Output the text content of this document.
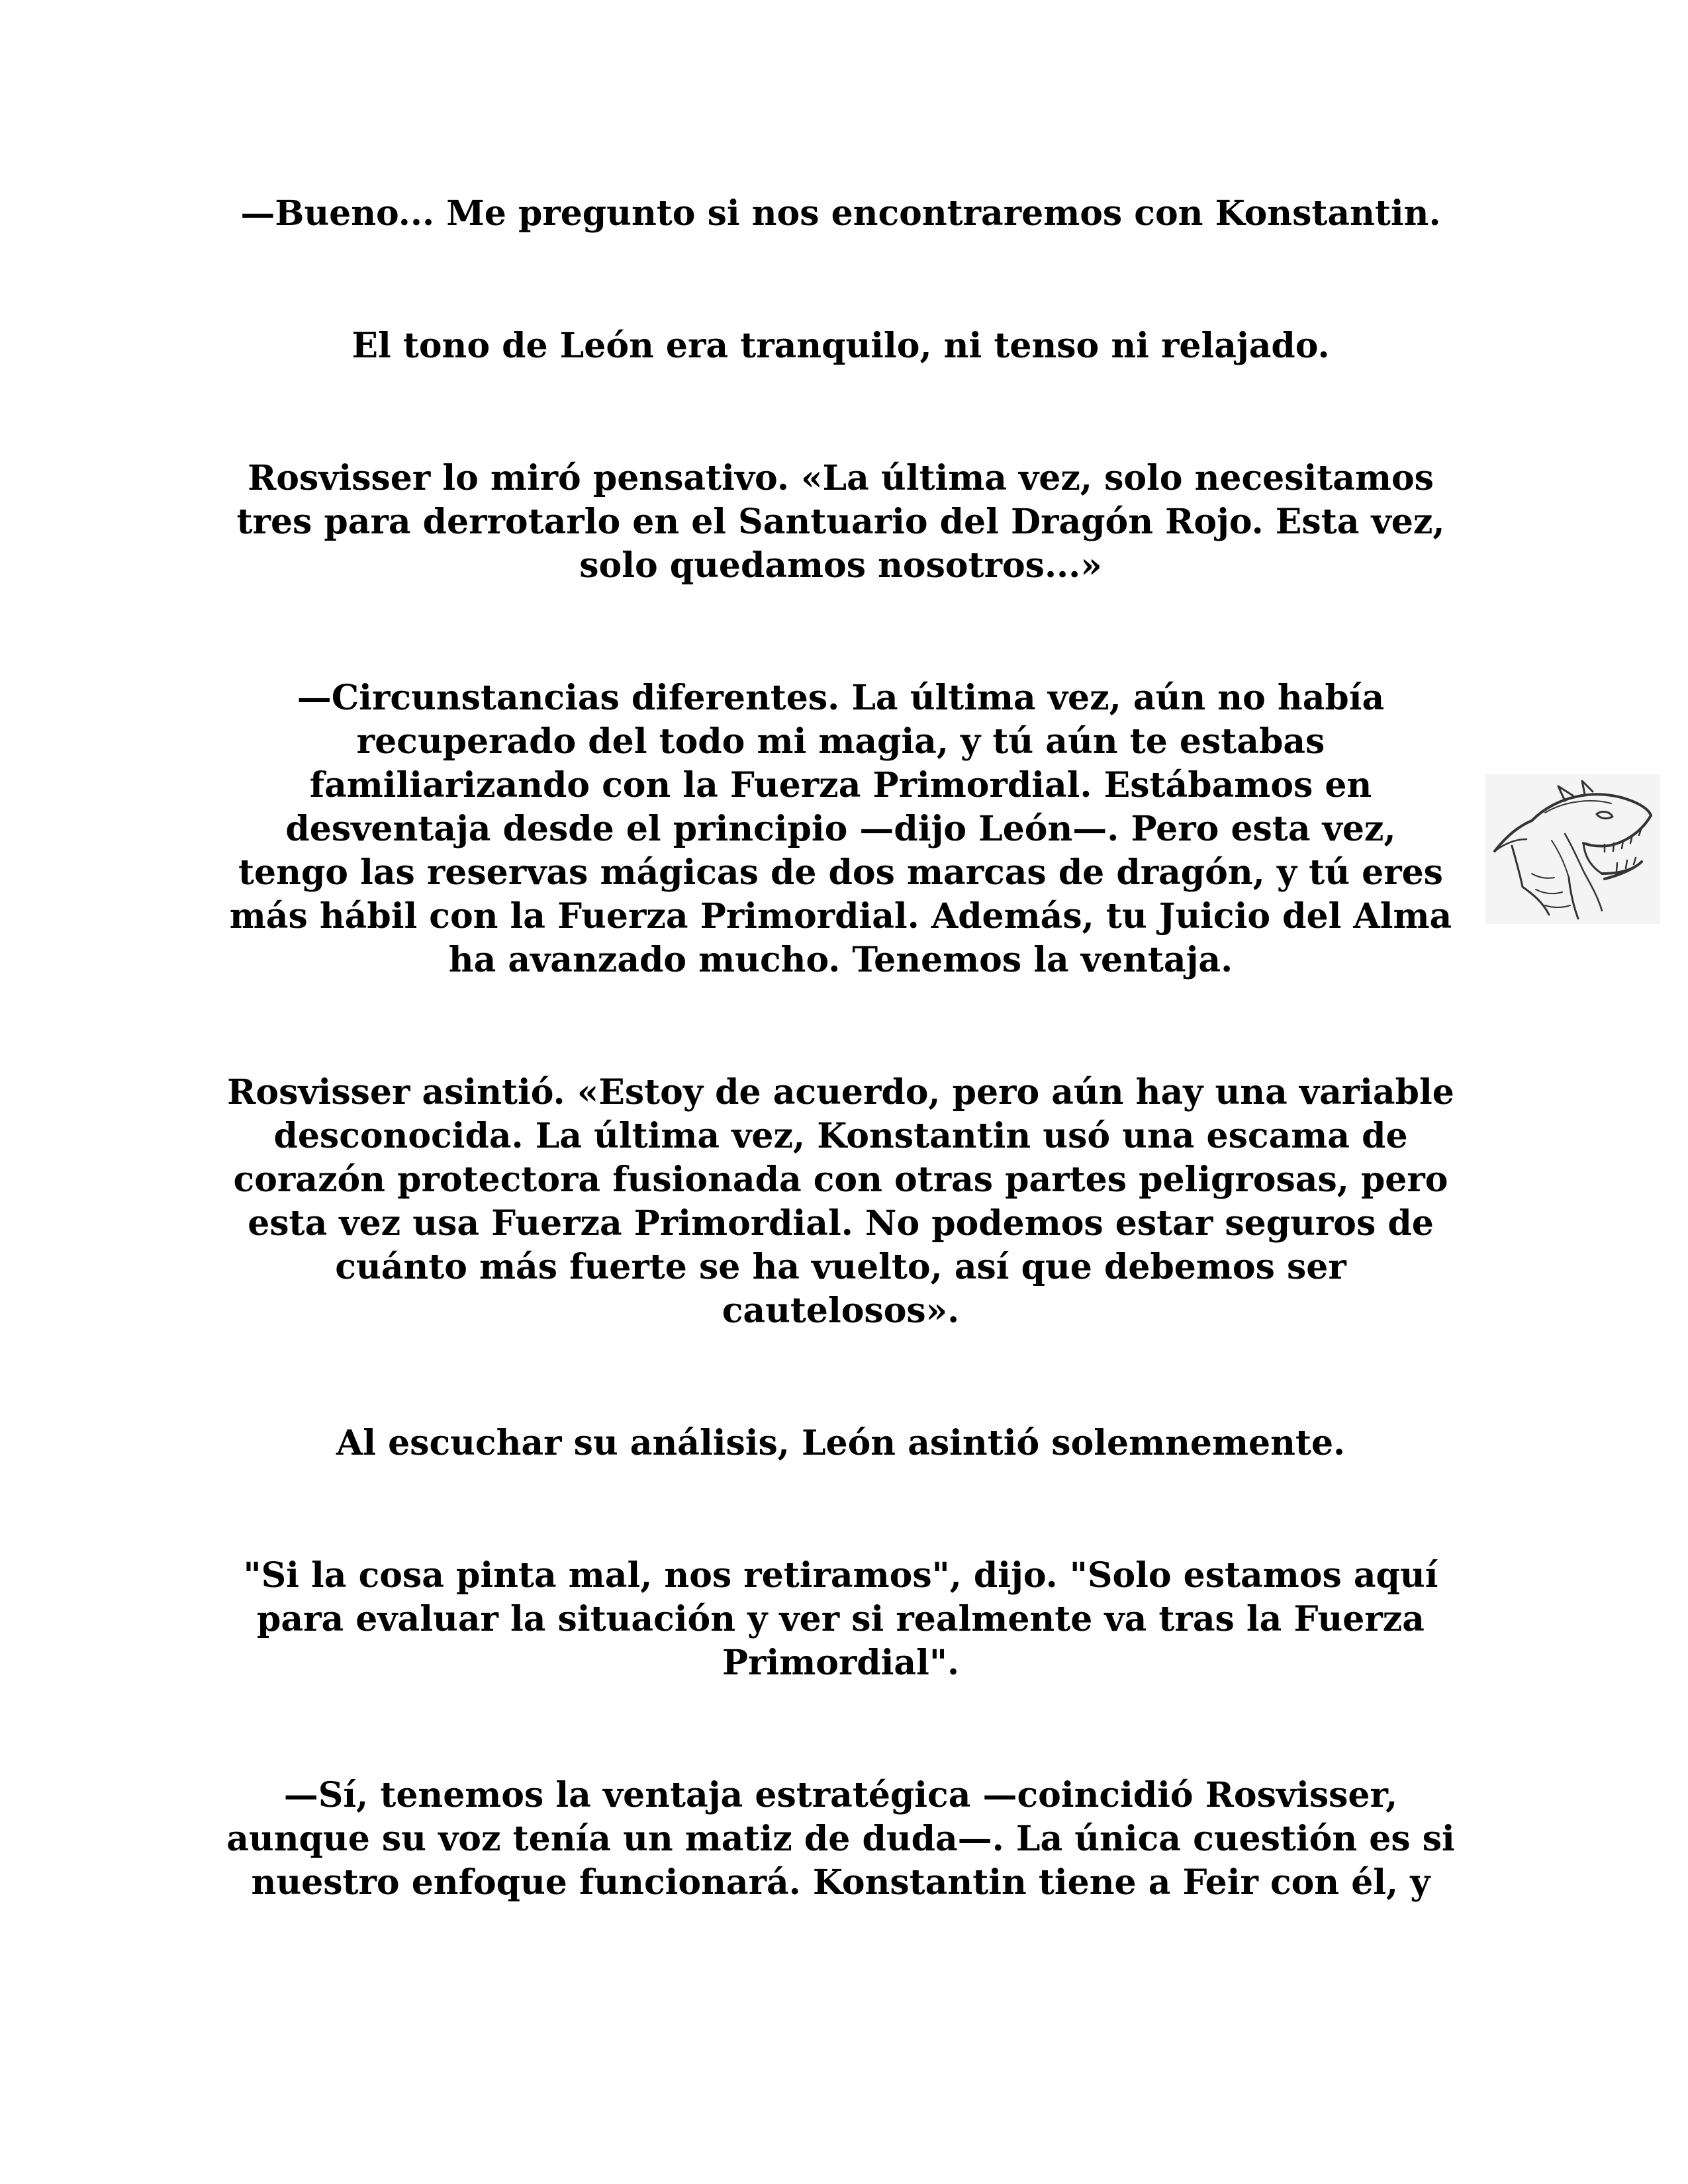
—Bueno... Me pregunto si nos encontraremos con Konstantin.

El tono de León era tranquilo, ni tenso ni relajado.

Rosvisser lo miró pensativo. «La última vez, solo necesitamos tres para derrotarlo en el Santuario del Dragón Rojo. Esta vez, solo quedamos nosotros...»

—Circunstancias diferentes. La última vez, aún no había recuperado del todo mi magia, y tú aún te estabas familiarizando con la Fuerza Primordial. Estábamos en desventaja desde el principio —dijo León—. Pero esta vez, tengo las reservas mágicas de dos marcas de dragón, y tú eres más hábil con la Fuerza Primordial. Además, tu Juicio del Alma ha avanzado mucho. Tenemos la ventaja.

Rosvisser asintió. «Estoy de acuerdo, pero aún hay una variable desconocida. La última vez, Konstantin usó una escama de corazón protectora fusionada con otras partes peligrosas, pero esta vez usa Fuerza Primordial. No podemos estar seguros de cuánto más fuerte se ha vuelto, así que debemos ser cautelosos».

Al escuchar su análisis, León asintió solemnemente.

"Si la cosa pinta mal, nos retiramos", dijo. "Solo estamos aquí para evaluar la situación y ver si realmente va tras la Fuerza Primordial".

—Sí, tenemos la ventaja estratégica —coincidió Rosvisser, aunque su voz tenía un matiz de duda—. La única cuestión es si nuestro enfoque funcionará. Konstantin tiene a Feir con él, y
